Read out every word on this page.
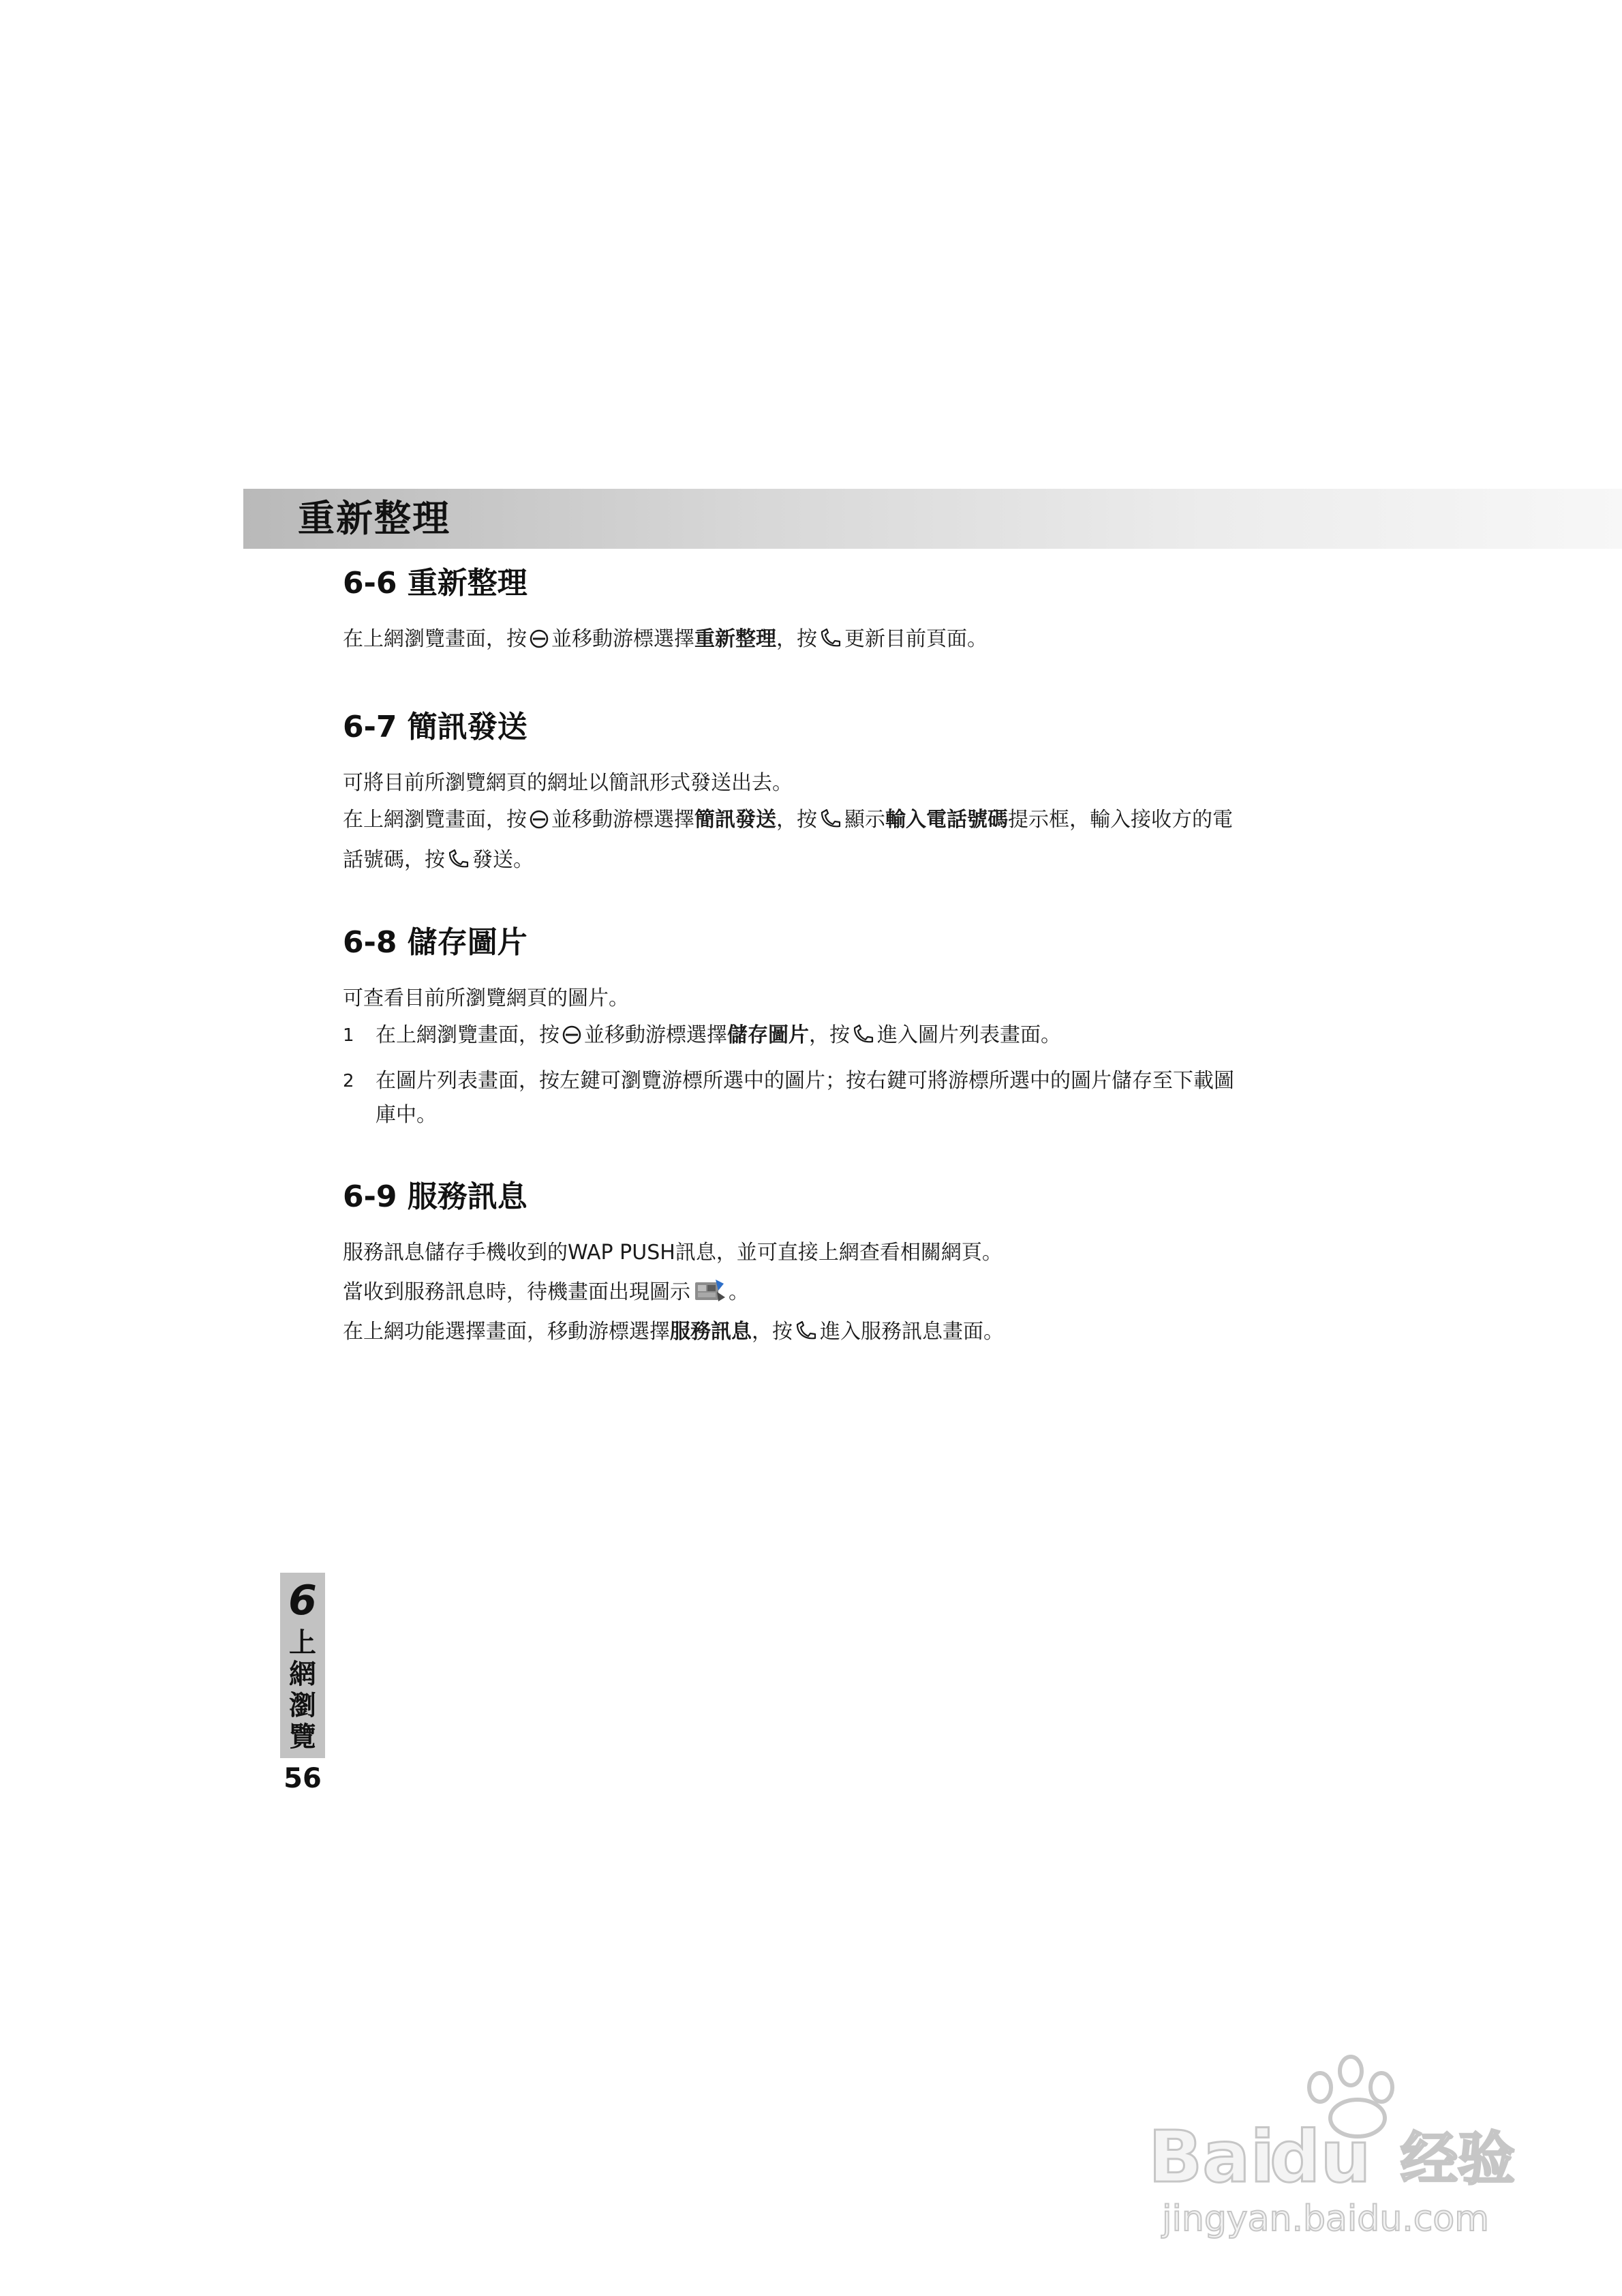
重新整理
6-6 重新整理
在上網瀏覽畫面，按 並移動游標選擇重新整理，按 更新目前頁面。
6-7 簡訊發送
可將目前所瀏覽網頁的網址以簡訊形式發送出去。
在上網瀏覽畫面，按 並移動游標選擇簡訊發送，按 顯示輸入電話號碼提示框，輸入接收方的電
話號碼，按 發送。
6-8 儲存圖片
可查看目前所瀏覽網頁的圖片。
1 在上網瀏覽畫面，按 並移動游標選擇儲存圖片，按 進入圖片列表畫面。
2 在圖片列表畫面，按左鍵可瀏覽游標所選中的圖片；按右鍵可將游標所選中的圖片儲存至下載圖
庫中。
6-9 服務訊息
服務訊息儲存手機收到的WAP PUSH訊息，並可直接上網查看相關網頁。
當收到服務訊息時，待機畫面出現圖示 。
在上網功能選擇畫面，移動游標選擇服務訊息，按 進入服務訊息畫面。
6
上
網
瀏
覽
56
Bai
du 经验
jingyan.baidu.com
